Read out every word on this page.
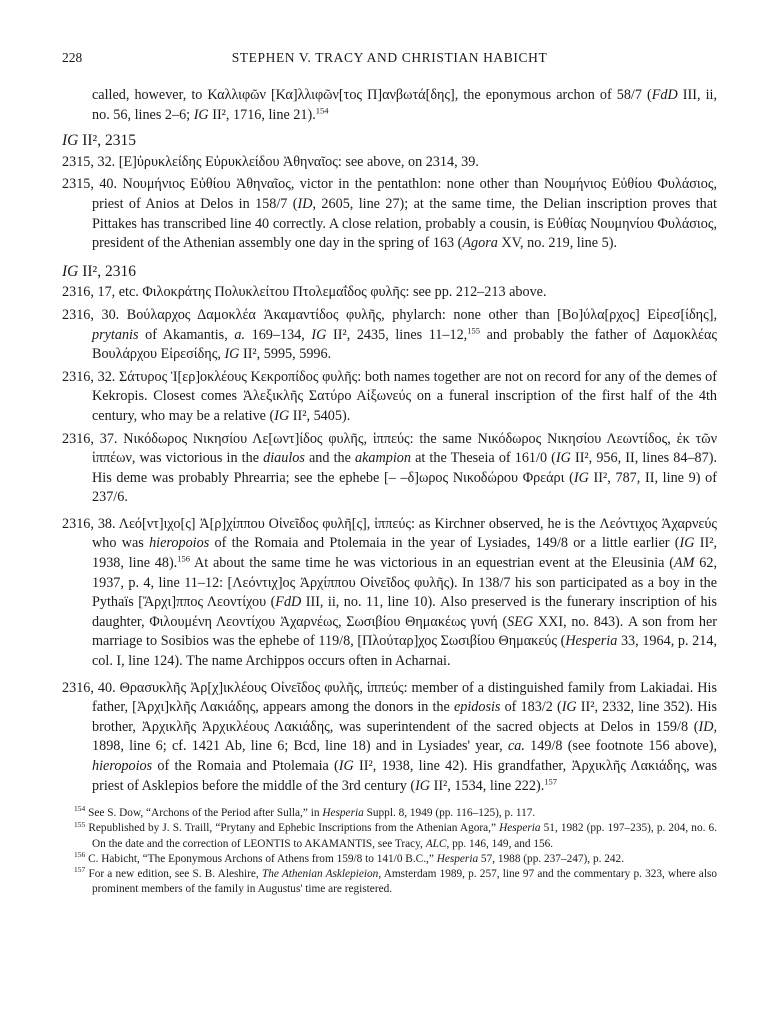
228	STEPHEN V. TRACY AND CHRISTIAN HABICHT

called, however, to Καλλιφῶν [Κα]λλιφῶν[τος Π]ανβωτά[δης], the eponymous archon of 58/7 (FdD III, ii, no. 56, lines 2–6; IG II², 1716, line 21).$^{154}$

IG II², 2315

2315, 32. [Ε]ὐρυκλείδης Εὐρυκλείδου Ἀθηναῖος: see above, on 2314, 39.

2315, 40. Νουμήνιος Εὐθίου Ἀθηναῖος, victor in the pentathlon: none other than Νουμήνιος Εὐθίου Φυλάσιος, priest of Anios at Delos in 158/7 (ID, 2605, line 27); at the same time, the Delian inscription proves that Pittakes has transcribed line 40 correctly. A close relation, probably a cousin, is Εὐθίας Νουμηνίου Φυλάσιος, president of the Athenian assembly one day in the spring of 163 (Agora XV, no. 219, line 5).

IG II², 2316

2316, 17, etc. Φιλοκράτης Πολυκλείτου Πτολεμαΐδος φυλῆς: see pp. 212–213 above.

2316, 30. Βούλαρχος Δαμοκλέα Ἀκαμαντίδος φυλῆς, phylarch: none other than [Βο]ύλα[ρχος] Εἰρεσ[ίδης], prytanis of Akamantis, a. 169–134, IG II², 2435, lines 11–12,$^{155}$ and probably the father of Δαμοκλέας Βουλάρχου Εἰρεσίδης, IG II², 5995, 5996.

2316, 32. Σάτυρος Ἱ[ερ]οκλέους Κεκροπίδος φυλῆς: both names together are not on record for any of the demes of Kekropis. Closest comes Ἀλεξικλῆς Σατύρο Αἰξωνεύς on a funeral inscription of the first half of the 4th century, who may be a relative (IG II², 5405).

2316, 37. Νικόδωρος Νικησίου Λε[ωντ]ίδος φυλῆς, ἱππεύς: the same Νικόδωρος Νικησίου Λεωντίδος, ἐκ τῶν ἱππέων, was victorious in the diaulos and the akampion at the Theseia of 161/0 (IG II², 956, II, lines 84–87). His deme was probably Phrearria; see the ephebe [– –δ]ωρος Νικοδώρου Φρεάρι (IG II², 787, II, line 9) of 237/6.

2316, 38. Λεό[ντ]ιχο[ς] Ἀ[ρ]χίππου Οἰνεῖδος φυλῆ[ς], ἱππεύς: as Kirchner observed, he is the Λεόντιχος Ἀχαρνεύς who was hieropoios of the Romaia and Ptolemaia in the year of Lysiades, 149/8 or a little earlier (IG II², 1938, line 48).$^{156}$ At about the same time he was victorious in an equestrian event at the Eleusinia (AM 62, 1937, p. 4, line 11–12: [Λεόντιχ]ος Ἀρχίππου Οἰνεῖδος φυλῆς). In 138/7 his son participated as a boy in the Pythaïs [Ἄρχι]ππος Λεοντίχου (FdD III, ii, no. 11, line 10). Also preserved is the funerary inscription of his daughter, Φιλουμένη Λεοντίχου Ἀχαρνέως, Σωσιβίου Θημακέως γυνή (SEG XXI, no. 843). A son from her marriage to Sosibios was the ephebe of 119/8, [Πλούταρ]χος Σωσιβίου Θημακεύς (Hesperia 33, 1964, p. 214, col. I, line 124). The name Archippos occurs often in Acharnai.

2316, 40. Θρασυκλῆς Ἀρ[χ]ικλέους Οἰνεῖδος φυλῆς, ἱππεύς: member of a distinguished family from Lakiadai. His father, [Ἀρχι]κλῆς Λακιάδης, appears among the donors in the epidosis of 183/2 (IG II², 2332, line 352). His brother, Ἀρχικλῆς Ἀρχικλέους Λακιάδης, was superintendent of the sacred objects at Delos in 159/8 (ID, 1898, line 6; cf. 1421 Ab, line 6; Bcd, line 18) and in Lysiades' year, ca. 149/8 (see footnote 156 above), hieropoios of the Romaia and Ptolemaia (IG II², 1938, line 42). His grandfather, Ἀρχικλῆς Λακιάδης, was priest of Asklepios before the middle of the 3rd century (IG II², 1534, line 222).$^{157}$

$^{154}$ See S. Dow, “Archons of the Period after Sulla,” in Hesperia Suppl. 8, 1949 (pp. 116–125), p. 117.

$^{155}$ Republished by J. S. Traill, “Prytany and Ephebic Inscriptions from the Athenian Agora,” Hesperia 51, 1982 (pp. 197–235), p. 204, no. 6. On the date and the correction of LEONTIS to AKAMANTIS, see Tracy, ALC, pp. 146, 149, and 156.

$^{156}$ C. Habicht, “The Eponymous Archons of Athens from 159/8 to 141/0 B.C.,” Hesperia 57, 1988 (pp. 237–247), p. 242.

$^{157}$ For a new edition, see S. B. Aleshire, The Athenian Asklepieion, Amsterdam 1989, p. 257, line 97 and the commentary p. 323, where also prominent members of the family in Augustus' time are registered.
